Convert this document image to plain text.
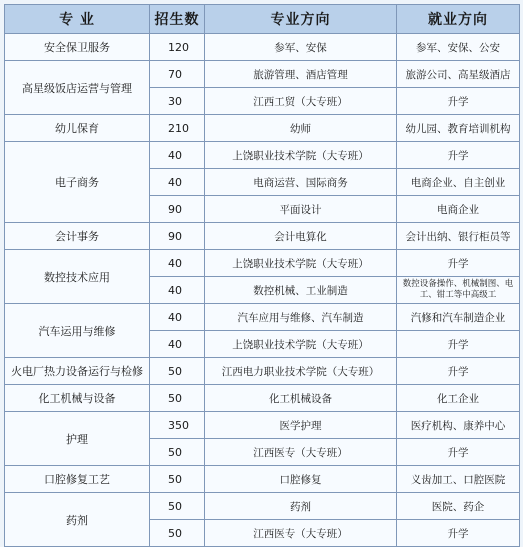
专 业	招生数	专业方向	就业方向
安全保卫服务	120	参军、安保	参军、安保、公安
高星级饭店运营与管理	70	旅游管理、酒店管理	旅游公司、高星级酒店
	30	江西工贸（大专班）	升学
幼儿保育	210	幼师	幼儿园、教育培训机构
电子商务	40	上饶职业技术学院（大专班）	升学
	40	电商运营、国际商务	电商企业、自主创业
	90	平面设计	电商企业
会计事务	90	会计电算化	会计出纳、银行柜员等
数控技术应用	40	上饶职业技术学院（大专班）	升学
	40	数控机械、工业制造	数控设备操作、机械制图、电工、钳工等中高级工
汽车运用与维修	40	汽车应用与维修、汽车制造	汽修和汽车制造企业
	40	上饶职业技术学院（大专班）	升学
火电厂热力设备运行与检修	50	江西电力职业技术学院（大专班）	升学
化工机械与设备	50	化工机械设备	化工企业
护理	350	医学护理	医疗机构、康养中心
	50	江西医专（大专班）	升学
口腔修复工艺	50	口腔修复	义齿加工、口腔医院
药剂	50	药剂	医院、药企
	50	江西医专（大专班）	升学
